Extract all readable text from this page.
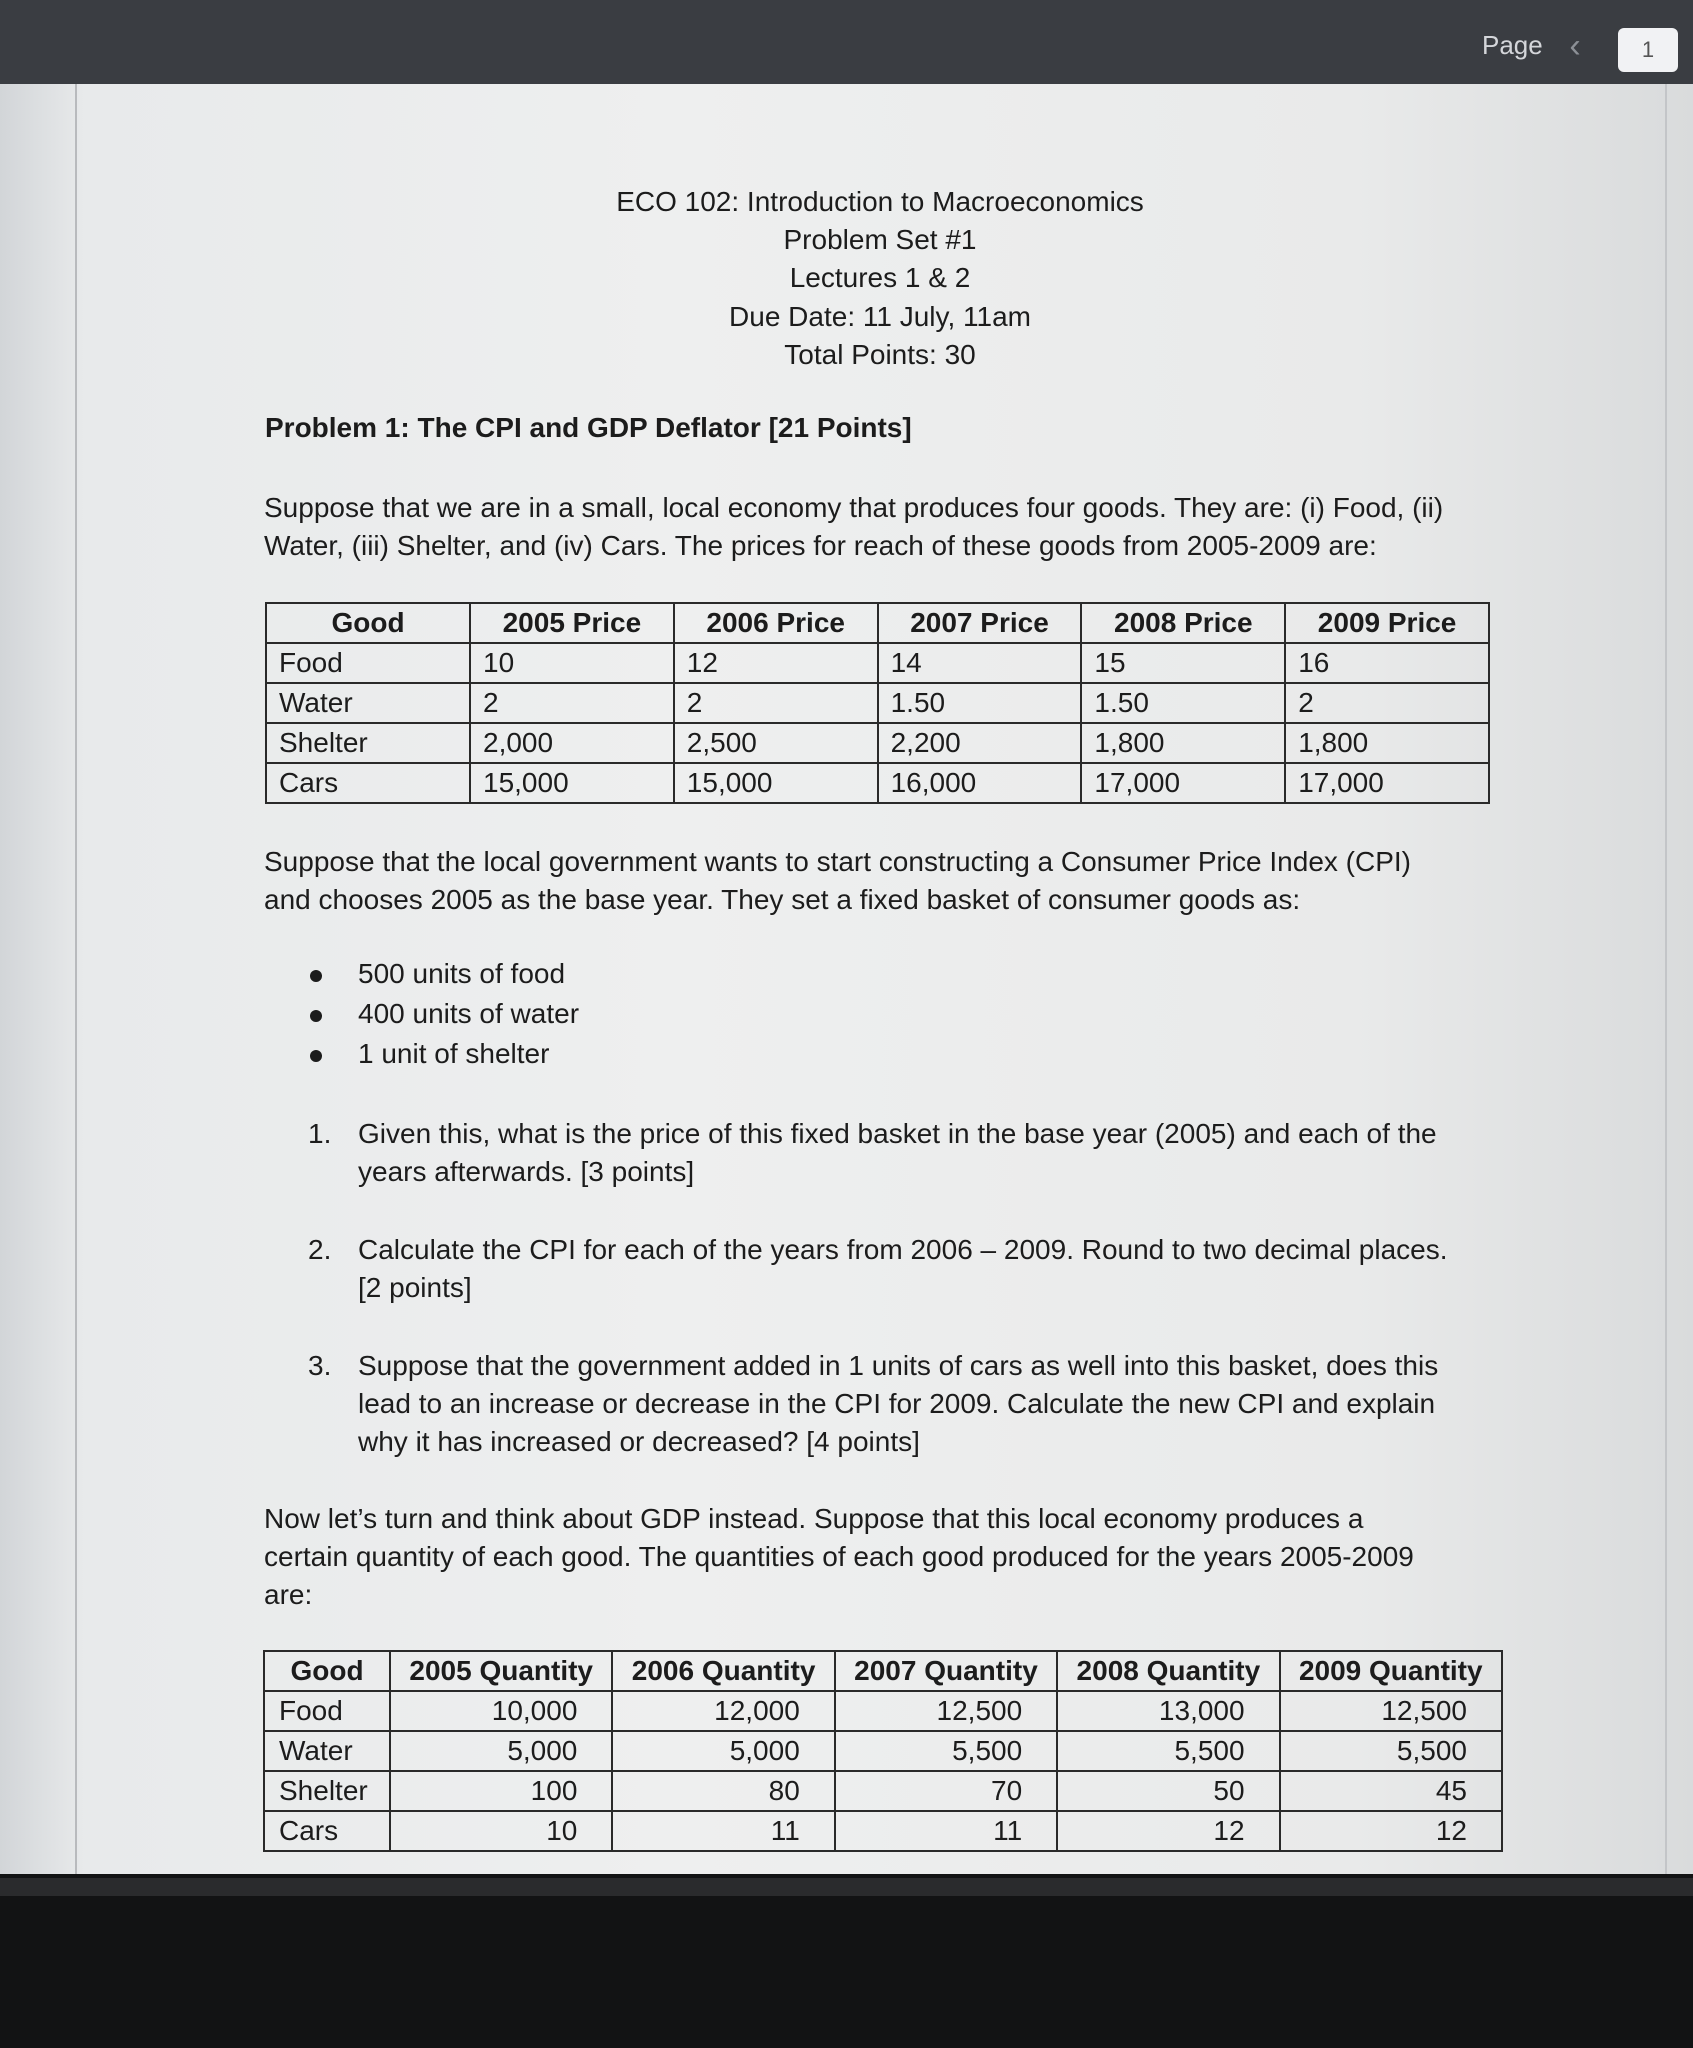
Page ‹	1
ECO 102: Introduction to Macroeconomics
Problem Set #1
Lectures 1 & 2
Due Date: 11 July, 11am
Total Points: 30
Problem 1: The CPI and GDP Deflator [21 Points]

Suppose that we are in a small, local economy that produces four goods. They are: (i) Food, (ii)
Water, (iii) Shelter, and (iv) Cars. The prices for reach of these goods from 2005-2009 are:

Good	2005 Price	2006 Price	2007 Price	2008 Price	2009 Price
Food	10	12	14	15	16
Water	2	2	1.50	1.50	2
Shelter	2,000	2,500	2,200	1,800	1,800
Cars	15,000	15,000	16,000	17,000	17,000

Suppose that the local government wants to start constructing a Consumer Price Index (CPI)
and chooses 2005 as the base year. They set a fixed basket of consumer goods as:

500 units of food
400 units of water
1 unit of shelter
1. Given this, what is the price of this fixed basket in the base year (2005) and each of the
years afterwards. [3 points]
2. Calculate the CPI for each of the years from 2006 – 2009. Round to two decimal places.
[2 points]
3. Suppose that the government added in 1 units of cars as well into this basket, does this
lead to an increase or decrease in the CPI for 2009. Calculate the new CPI and explain
why it has increased or decreased? [4 points]

Now let’s turn and think about GDP instead. Suppose that this local economy produces a
certain quantity of each good. The quantities of each good produced for the years 2005-2009
are:

Good	2005 Quantity	2006 Quantity	2007 Quantity	2008 Quantity	2009 Quantity
Food	10,000	12,000	12,500	13,000	12,500
Water	5,000	5,000	5,500	5,500	5,500
Shelter	100	80	70	50	45
Cars	10	11	11	12	12
